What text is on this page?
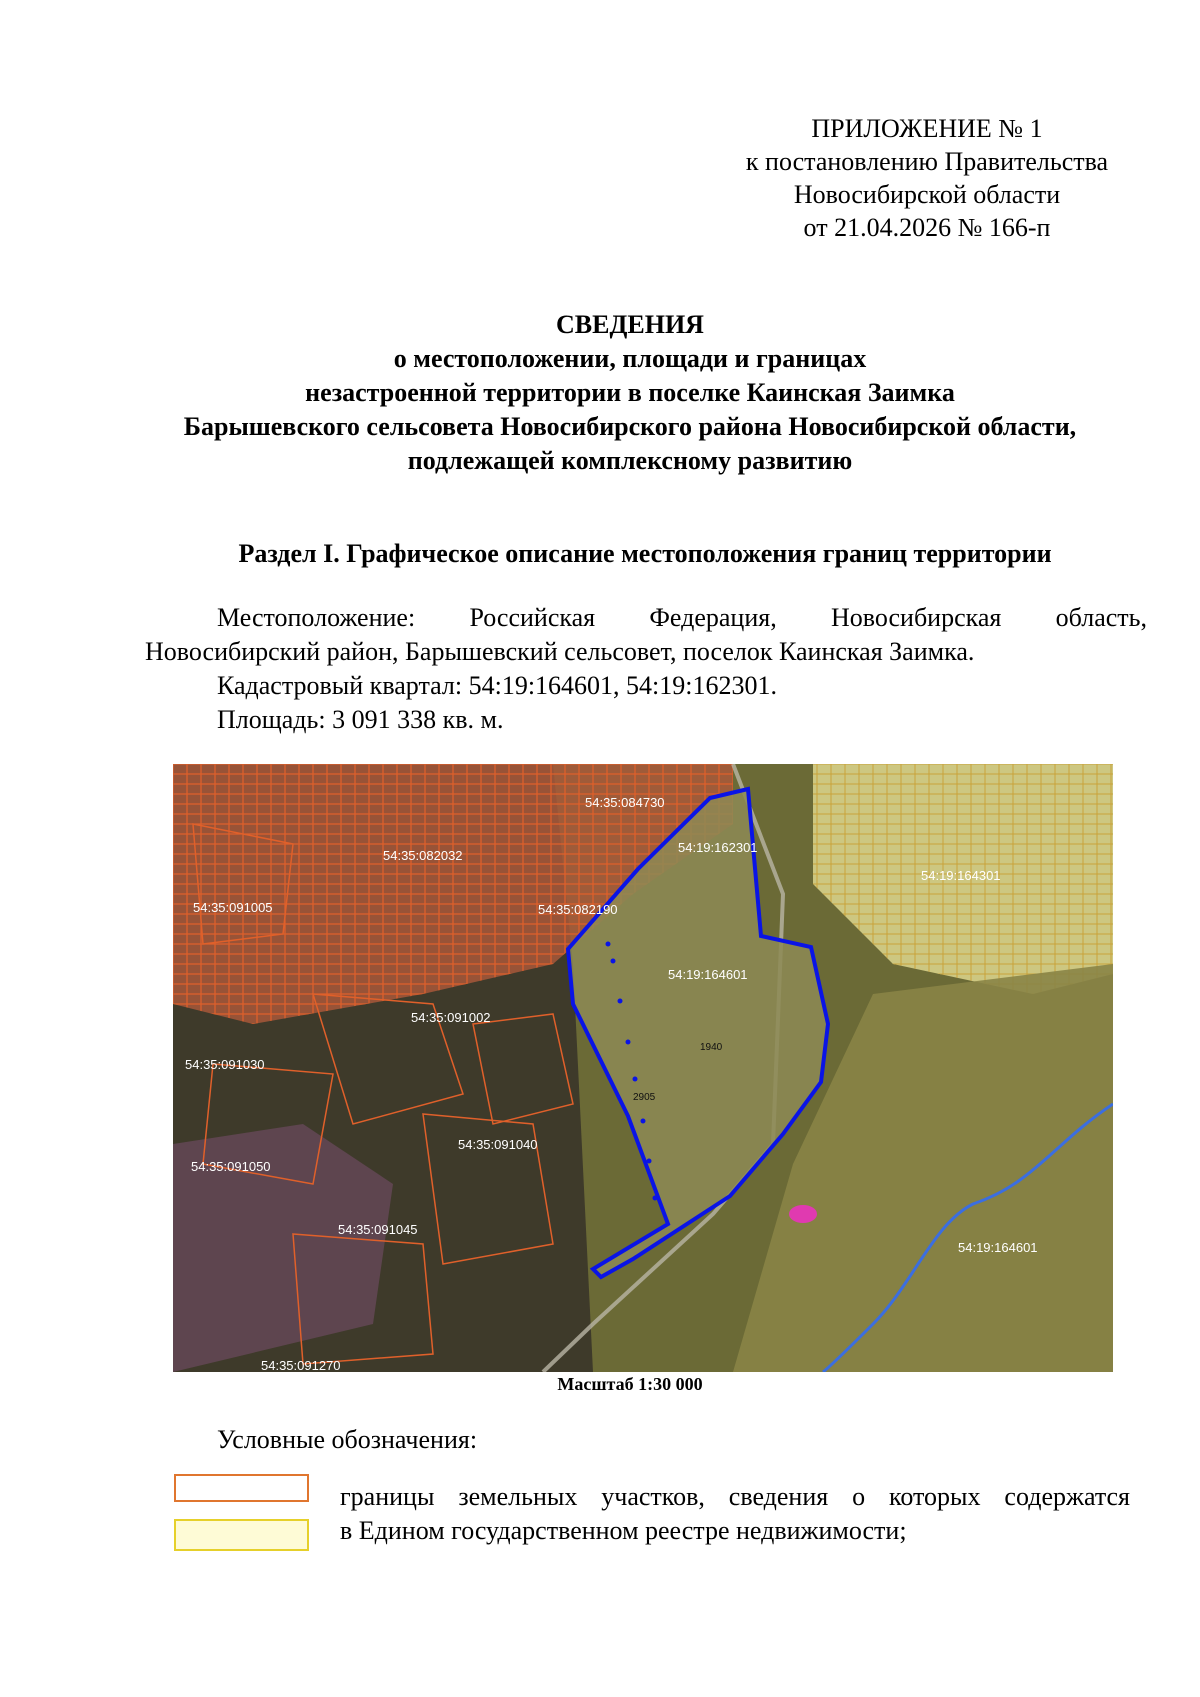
ПРИЛОЖЕНИЕ № 1
к постановлению Правительства
Новосибирской области
от 21.04.2026 № 166-п
СВЕДЕНИЯ
о местоположении, площади и границах
незастроенной территории в поселке Каинская Заимка
Барышевского сельсовета Новосибирского района Новосибирской области,
подлежащей комплексному развитию
Раздел I. Графическое описание местоположения границ территории
Местоположение: Российская Федерация, Новосибирская область,
Новосибирский район, Барышевский сельсовет, поселок Каинская Заимка.
Кадастровый квартал: 54:19:164601, 54:19:162301.
Площадь: 3 091 338 кв. м.
54:35:084730
54:35:082032
54:19:162301
54:35:091005	54:35:082190
54:19:164301
54:19:164601
54:35:091002
54:35:091030
54:35:091040
54:35:091050
54:35:091045
54:19:164601
54:35:091270
1940
2905
Масштаб 1:30 000
Условные обозначения:
границы земельных участков, сведения о которых содержатся
в Едином государственном реестре недвижимости;
